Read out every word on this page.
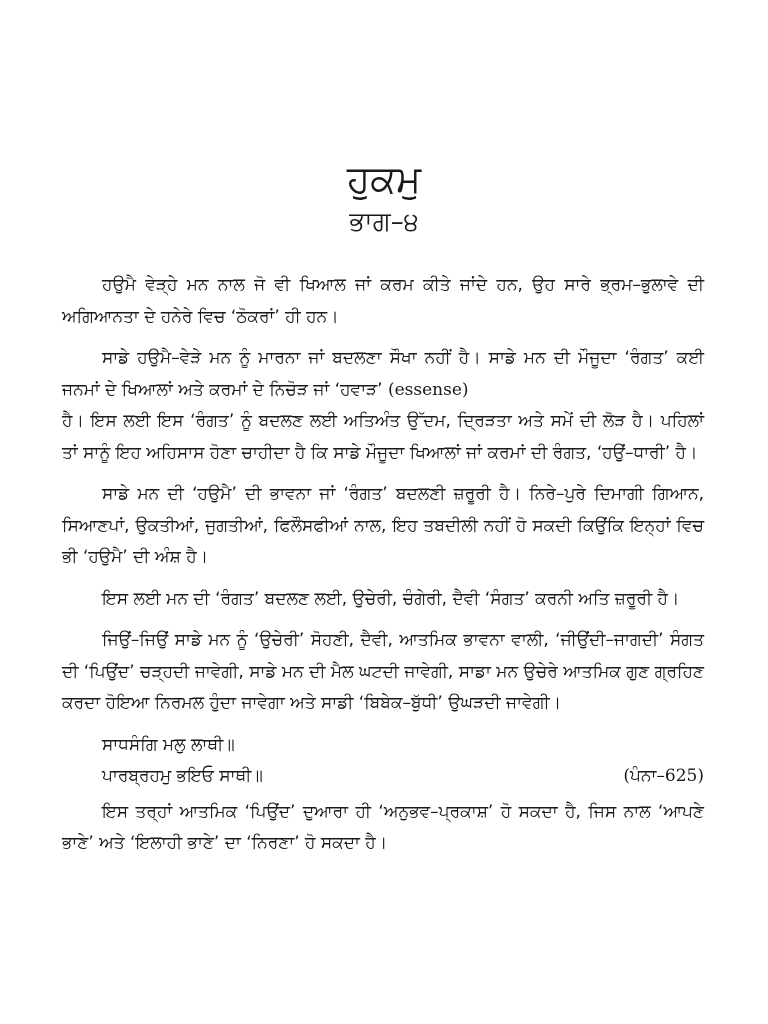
ਹੁਕਮੁ
ਭਾਗ–੪

ਹਉਮੈ ਵੇੜ੍ਹੇ ਮਨ ਨਾਲ ਜੋ ਵੀ ਖਿਆਲ ਜਾਂ ਕਰਮ ਕੀਤੇ ਜਾਂਦੇ ਹਨ, ਉਹ ਸਾਰੇ ਭ੍ਰਮ–ਭੁਲਾਵੇ ਦੀ ਅਗਿਆਨਤਾ ਦੇ ਹਨੇਰੇ ਵਿਚ ‘ਠੋਕਰਾਂ’ ਹੀ ਹਨ।

ਸਾਡੇ ਹਉਮੈ–ਵੇੜੇ ਮਨ ਨੂੰ ਮਾਰਨਾ ਜਾਂ ਬਦਲਣਾ ਸੌਖਾ ਨਹੀਂ ਹੈ। ਸਾਡੇ ਮਨ ਦੀ ਮੌਜੂਦਾ ‘ਰੰਗਤ’ ਕਈ ਜਨਮਾਂ ਦੇ ਖਿਆਲਾਂ ਅਤੇ ਕਰਮਾਂ ਦੇ ਨਿਚੋੜ ਜਾਂ ‘ਹਵਾੜ’ (essense)

ਹੈ। ਇਸ ਲਈ ਇਸ ‘ਰੰਗਤ’ ਨੂੰ ਬਦਲਣ ਲਈ ਅਤਿਅੰਤ ਉੱਦਮ, ਦ੍ਰਿੜਤਾ ਅਤੇ ਸਮੇਂ ਦੀ ਲੋੜ ਹੈ। ਪਹਿਲਾਂ ਤਾਂ ਸਾਨੂੰ ਇਹ ਅਹਿਸਾਸ ਹੋਣਾ ਚਾਹੀਦਾ ਹੈ ਕਿ ਸਾਡੇ ਮੌਜੂਦਾ ਖਿਆਲਾਂ ਜਾਂ ਕਰਮਾਂ ਦੀ ਰੰਗਤ, ‘ਹਉਂ–ਧਾਰੀ’ ਹੈ।

ਸਾਡੇ ਮਨ ਦੀ ‘ਹਉਮੈ’ ਦੀ ਭਾਵਨਾ ਜਾਂ ‘ਰੰਗਤ’ ਬਦਲਣੀ ਜ਼ਰੂਰੀ ਹੈ। ਨਿਰੇ–ਪੁਰੇ ਦਿਮਾਗੀ ਗਿਆਨ, ਸਿਆਣਪਾਂ, ਉਕਤੀਆਂ, ਜੁਗਤੀਆਂ, ਫਿਲੌਸਫੀਆਂ ਨਾਲ, ਇਹ ਤਬਦੀਲੀ ਨਹੀਂ ਹੋ ਸਕਦੀ ਕਿਉਂਕਿ ਇਨ੍ਹਾਂ ਵਿਚ ਭੀ ‘ਹਉਮੈ’ ਦੀ ਅੰਸ਼ ਹੈ।

ਇਸ ਲਈ ਮਨ ਦੀ ‘ਰੰਗਤ’ ਬਦਲਣ ਲਈ, ਉਚੇਰੀ, ਚੰਗੇਰੀ, ਦੈਵੀ ‘ਸੰਗਤ’ ਕਰਨੀ ਅਤਿ ਜ਼ਰੂਰੀ ਹੈ।

ਜਿਉਂ–ਜਿਉਂ ਸਾਡੇ ਮਨ ਨੂੰ ‘ਉਚੇਰੀ’ ਸੋਹਣੀ, ਦੈਵੀ, ਆਤਮਿਕ ਭਾਵਨਾ ਵਾਲੀ, ‘ਜੀਉਂਦੀ–ਜਾਗਦੀ’ ਸੰਗਤ ਦੀ ‘ਪਿਉਂਦ’ ਚੜ੍ਹਦੀ ਜਾਵੇਗੀ, ਸਾਡੇ ਮਨ ਦੀ ਮੈਲ ਘਟਦੀ ਜਾਵੇਗੀ, ਸਾਡਾ ਮਨ ਉਚੇਰੇ ਆਤਮਿਕ ਗੁਣ ਗ੍ਰਹਿਣ ਕਰਦਾ ਹੋਇਆ ਨਿਰਮਲ ਹੁੰਦਾ ਜਾਵੇਗਾ ਅਤੇ ਸਾਡੀ ‘ਬਿਬੇਕ–ਬੁੱਧੀ’ ਉਘੜਦੀ ਜਾਵੇਗੀ।

ਸਾਧਸੰਗਿ ਮਲੁ ਲਾਥੀ॥
ਪਾਰਬ੍ਰਹਮੁ ਭਇਓ ਸਾਥੀ॥	(ਪੰਨਾ–625)

ਇਸ ਤਰ੍ਹਾਂ ਆਤਮਿਕ ‘ਪਿਉਂਦ’ ਦੁਆਰਾ ਹੀ ‘ਅਨੁਭਵ–ਪ੍ਰਕਾਸ਼’ ਹੋ ਸਕਦਾ ਹੈ, ਜਿਸ ਨਾਲ ‘ਆਪਣੇ ਭਾਣੇ’ ਅਤੇ ‘ਇਲਾਹੀ ਭਾਣੇ’ ਦਾ ‘ਨਿਰਣਾ’ ਹੋ ਸਕਦਾ ਹੈ।
